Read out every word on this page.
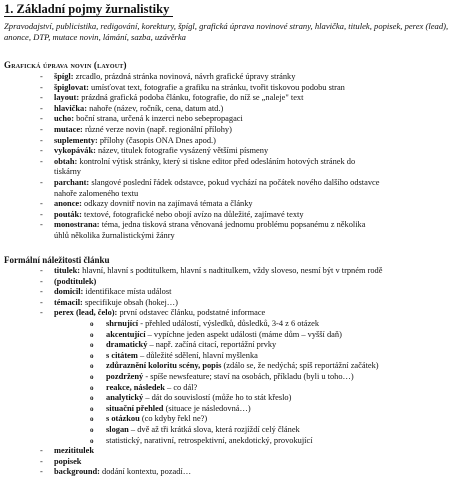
1. Základní pojmy žurnalistiky
Zpravodajství, publicistika, redigování, korektury, špígl, grafická úprava novinové strany, hlavička, titulek, popisek, perex (lead), anonce, DTP, mutace novin, lámání, sazba, uzávěrka
Grafická úprava novin (layout)
- špígl: zrcadlo, prázdná stránka novinová, návrh grafické úpravy stránky
- špiglovat: umísťovat text, fotografie a grafiku na stránku, tvořit tiskovou podobu stran
- layout: prázdná grafická podoba článku, fotografie, do níž se „naleje" text
- hlavička: nahoře (název, ročník, cena, datum atd.)
- ucho: boční strana, určená k inzerci nebo sebepropagaci
- mutace: různé verze novin (např. regionální přílohy)
- suplementy: přílohy (časopis ONA Dnes apod.)
- vykopávák: název, titulek fotografie vysázený většími písmeny
- obtah: kontrolní výtisk stránky, který si tiskne editor před odesláním hotových stránek do
tiskárny
- parchant: slangové poslední řádek odstavce, pokud vychází na počátek nového dalšího odstavce
nahoře zalomeného textu
- anonce: odkazy dovnitř novin na zajímavá témata a články
- pouták: textové, fotografické nebo obojí avízo na důležité, zajímavé texty
- monostrana: téma, jedna tisková strana věnovaná jednomu problému popsanému z několika
úhlů několika žurnalistickými žánry
Formální náležitosti článku
- titulek: hlavní, hlavní s podtitulkem, hlavní s nadtitulkem, vždy sloveso, nesmí být v trpném rodě
- (podtitulek)
- domicil: identifikace místa událost
- témacil: specifikuje obsah (hokej…)
- perex (lead, čelo): první odstavec článku, podstatné informace
o shrnující - přehled událostí, výsledků, důsledků, 3-4 z 6 otázek
o akcentující – vypíchne jeden aspekt události (máme dům – vyšší daň)
o dramatický – např. začíná citací, reportážní prvky
o s citátem – důležité sdělení, hlavní myšlenka
o zdůraznění koloritu scény, popis (zdálo se, že nedýchá; spíš reportážní začátek)
o pozdržený - spíše newsfeature; staví na osobách, příkladu (byli u toho…)
o reakce, následek – co dál?
o analytický – dát do souvislostí (může ho to stát křeslo)
o situační přehled (situace je následovná…)
o s otázkou (co kdyby řekl ne?)
o slogan – dvě až tři krátká slova, která rozjíždí celý článek
o statistický, narativní, retrospektivní, anekdotický, provokující
- mezititulek
- popisek
- background: dodání kontextu, pozadí…
